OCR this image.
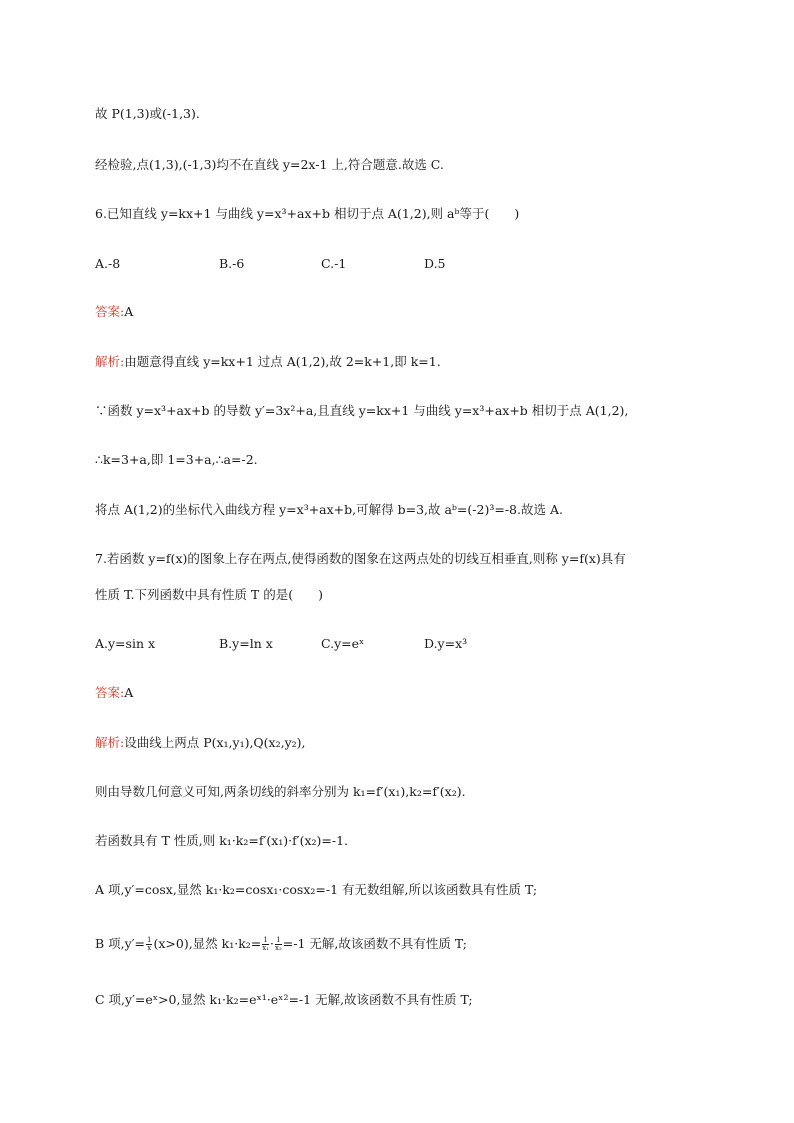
故 P(1,3)或(-1,3).
经检验,点(1,3),(-1,3)均不在直线 y=2x-1 上,符合题意.故选 C.
6.已知直线 y=kx+1 与曲线 y=x³+ax+b 相切于点 A(1,2),则 aᵇ等于(　　)
A.-8	B.-6	C.-1	D.5
答案:A
解析:由题意得直线 y=kx+1 过点 A(1,2),故 2=k+1,即 k=1.
∵函数 y=x³+ax+b 的导数 y′=3x²+a,且直线 y=kx+1 与曲线 y=x³+ax+b 相切于点 A(1,2),
∴k=3+a,即 1=3+a,∴a=-2.
将点 A(1,2)的坐标代入曲线方程 y=x³+ax+b,可解得 b=3,故 aᵇ=(-2)³=-8.故选 A.
7.若函数 y=f(x)的图象上存在两点,使得函数的图象在这两点处的切线互相垂直,则称 y=f(x)具有
性质 T.下列函数中具有性质 T 的是(　　)
A.y=sin x	B.y=ln x	C.y=eˣ	D.y=x³
答案:A
解析:设曲线上两点 P(x₁,y₁),Q(x₂,y₂),
则由导数几何意义可知,两条切线的斜率分别为 k₁=f′(x₁),k₂=f′(x₂).
若函数具有 T 性质,则 k₁·k₂=f′(x₁)·f′(x₂)=-1.
A 项,y′=cosx,显然 k₁·k₂=cosx₁·cosx₂=-1 有无数组解,所以该函数具有性质 T;
B 项$,y'= \frac{1}{x} (x>0)$,显然 $k_1\cdot k_2= \frac{1}{\text{x₁}} \cdot \frac{1}{\text{x₂}} =-1$ 无解,故该函数不具有性质 T;
C 项,y′=eˣ>0,显然 k₁·k₂=eˣ¹·eˣ²=-1 无解,故该函数不具有性质 T;
